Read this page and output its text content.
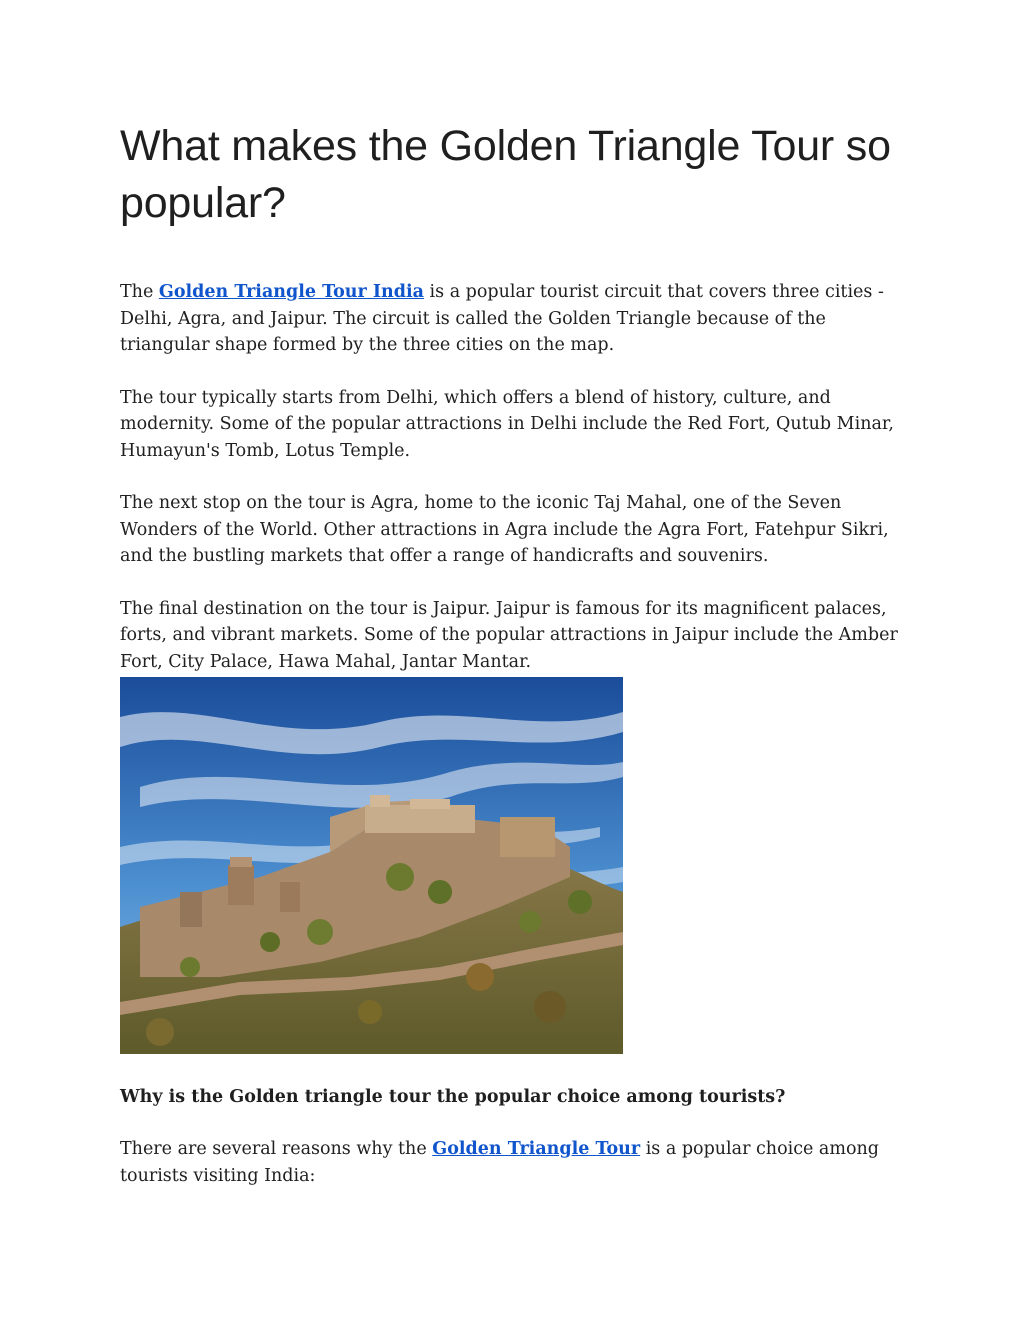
What makes the Golden Triangle Tour so popular?

The Golden Triangle Tour India is a popular tourist circuit that covers three cities - Delhi, Agra, and Jaipur. The circuit is called the Golden Triangle because of the triangular shape formed by the three cities on the map.

The tour typically starts from Delhi, which offers a blend of history, culture, and modernity. Some of the popular attractions in Delhi include the Red Fort, Qutub Minar, Humayun's Tomb, Lotus Temple.

The next stop on the tour is Agra, home to the iconic Taj Mahal, one of the Seven Wonders of the World. Other attractions in Agra include the Agra Fort, Fatehpur Sikri, and the bustling markets that offer a range of handicrafts and souvenirs.

The final destination on the tour is Jaipur. Jaipur is famous for its magnificent palaces, forts, and vibrant markets. Some of the popular attractions in Jaipur include the Amber Fort, City Palace, Hawa Mahal, Jantar Mantar.

Why is the Golden triangle tour the popular choice among tourists?

There are several reasons why the Golden Triangle Tour is a popular choice among tourists visiting India:
